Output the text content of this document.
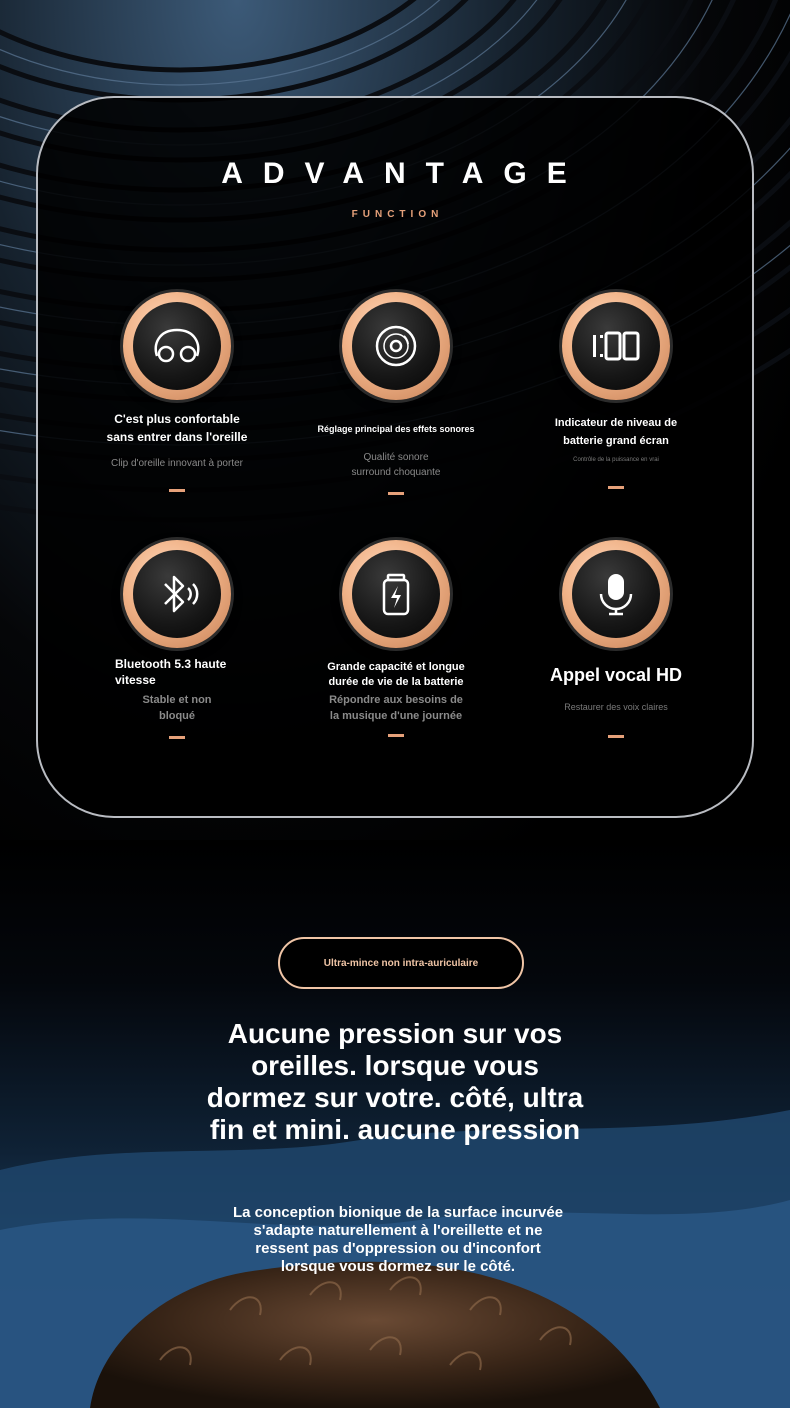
ADVANTAGE
FUNCTION
C'est plus confortable
sans entrer dans l'oreille
Clip d'oreille innovant à porter
Réglage principal des effets sonores
Qualité sonore
surround choquante
Indicateur de niveau de
batterie grand écran
Contrôle de la puissance en vrai
Bluetooth 5.3 haute
vitesse
Stable et non
bloqué
Grande capacité et longue
durée de vie de la batterie
Répondre aux besoins de
la musique d'une journée
Appel vocal HD
Restaurer des voix claires
Ultra-mince non intra-auriculaire
Aucune pression sur vos
oreilles. lorsque vous
dormez sur votre. côté, ultra
fin et mini. aucune pression
La conception bionique de la surface incurvée
s'adapte naturellement à l'oreillette et ne
ressent pas d'oppression ou d'inconfort
lorsque vous dormez sur le côté.
